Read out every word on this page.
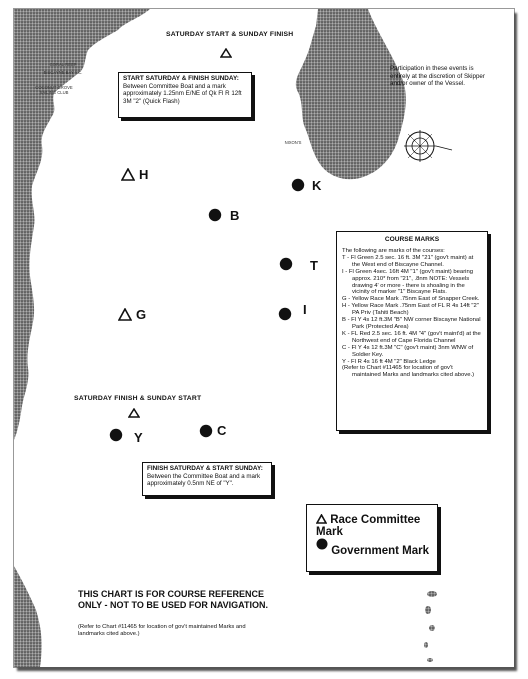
SATURDAY START & SUNDAY FINISH
CORAL REEF
BISCAYNE BAY Y.C.
COCONUT GROVE SAILING CLUB
NIXON'S
START SATURDAY & FINISH SUNDAY:
Between Committee Boat and a mark approximately 1.25nm E/NE of Qk Fl R 12ft 3M "2" (Quick Flash)
Participation in these events is entirely at the discretion of Skipper and/or owner of the Vessel.
K
B
T
I
Y	C
H
G
SATURDAY FINISH & SUNDAY START
COURSE MARKS
The following are marks of the courses:
T - Fl Green 2.5 sec. 16 ft. 3M "21" (gov't maint) at the West end of Biscayne Channel.
I - Fl Green 4sec. 16ft 4M "1" (gov't maint) bearing approx. 210* from "21", .8nm NOTE: Vessels drawing 4' or more - there is shoaling in the vicinity of marker "1" Biscayne Flats.
G - Yellow Race Mark .75nm East of Snapper Creek.
H - Yellow Race Mark .75nm East of FL R 4s 14ft "2" PA Priv (Tahiti Beach)
B - Fl Y 4s 12 ft.3M "B" NW corner Biscayne National Park (Protected Area)
K - FL Red 2.5 sec. 16 ft. 4M "4" (gov't maint'd) at the Northwest end of Cape Florida Channel
C - Fl Y 4s 12 ft.3M "C" (gov't maint) 3nm WNW of Soldier Key.
Y - Fl R 4s 16 ft 4M "2" Black Ledge
(Refer to Chart #11465 for location of gov't maintained Marks and landmarks cited above.)
FINISH SATURDAY & START SUNDAY:
Between the Committee Boat and a mark approximately 0.5nm NE of "Y".
Race Committee Mark
Government Mark
THIS CHART IS FOR COURSE REFERENCE ONLY - NOT TO BE USED FOR NAVIGATION.
(Refer to Chart #11465 for location of gov't maintained Marks and landmarks cited above.)
